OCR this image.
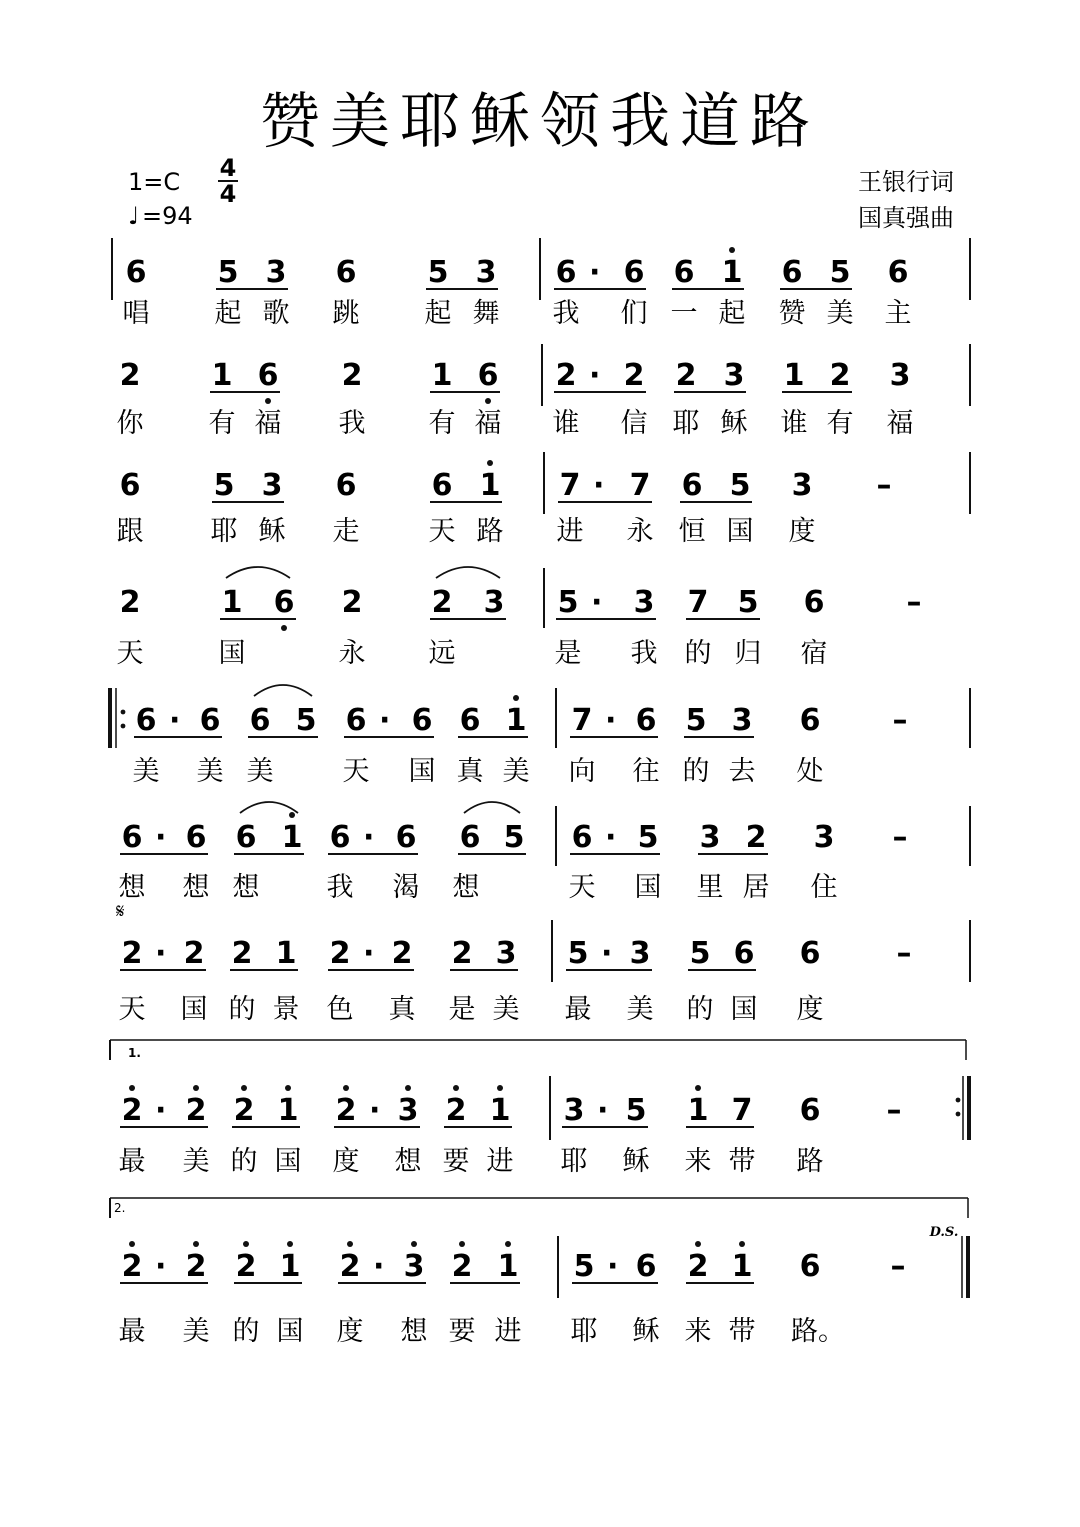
赞美耶稣领我道路
1=C 4
4
♩ =94
王银行词
国真强曲
6 5 3 6 5 3 6 · 6 6 1 6 5 6
唱 起 歌 跳 起 舞 我 们 一 起 赞 美 主
2 1 6 2 1 6 2 · 2 2 3 1 2 3
你 有 福 我 有 福 谁 信 耶 稣 谁 有 福
6 5 3 6	6 1 7 · 7 6 5 3 –
跟 耶 稣 走	天 路 进 永 恒 国 度
2	1 6 2 2 3 5 · 3 7 5 6	–
天	国	永 远	是 我 的 归 宿
6 · 6 6 5 6 · 6 6 1 7 · 6 5 3 6 –
美 美 美	天 国 真 美 向 往 的 去 处
6 · 6 6 1 6 · 6 6 5 6 · 5 3 2 3 –
想 想 想 我 渴 想	天 国 里 居 住
2 · 2 2 1 2 · 2 2 3 5 · 3 5 6 6	–
天 国 的 景 色 真 是 美 最 美 的 国 度
2 · 2 2 1 2 · 3 2 1 3 · 5 1 7 6 –
最 美 的 国 度 想 要 进 耶 稣 来 带 路
2 · 2 2 1 2 · 3 2 1 5 · 6 2 1 6 –
最 美 的 国 度 想 要 进 耶 稣 来 带 路。
1.
2.
𝄋
D.S.
